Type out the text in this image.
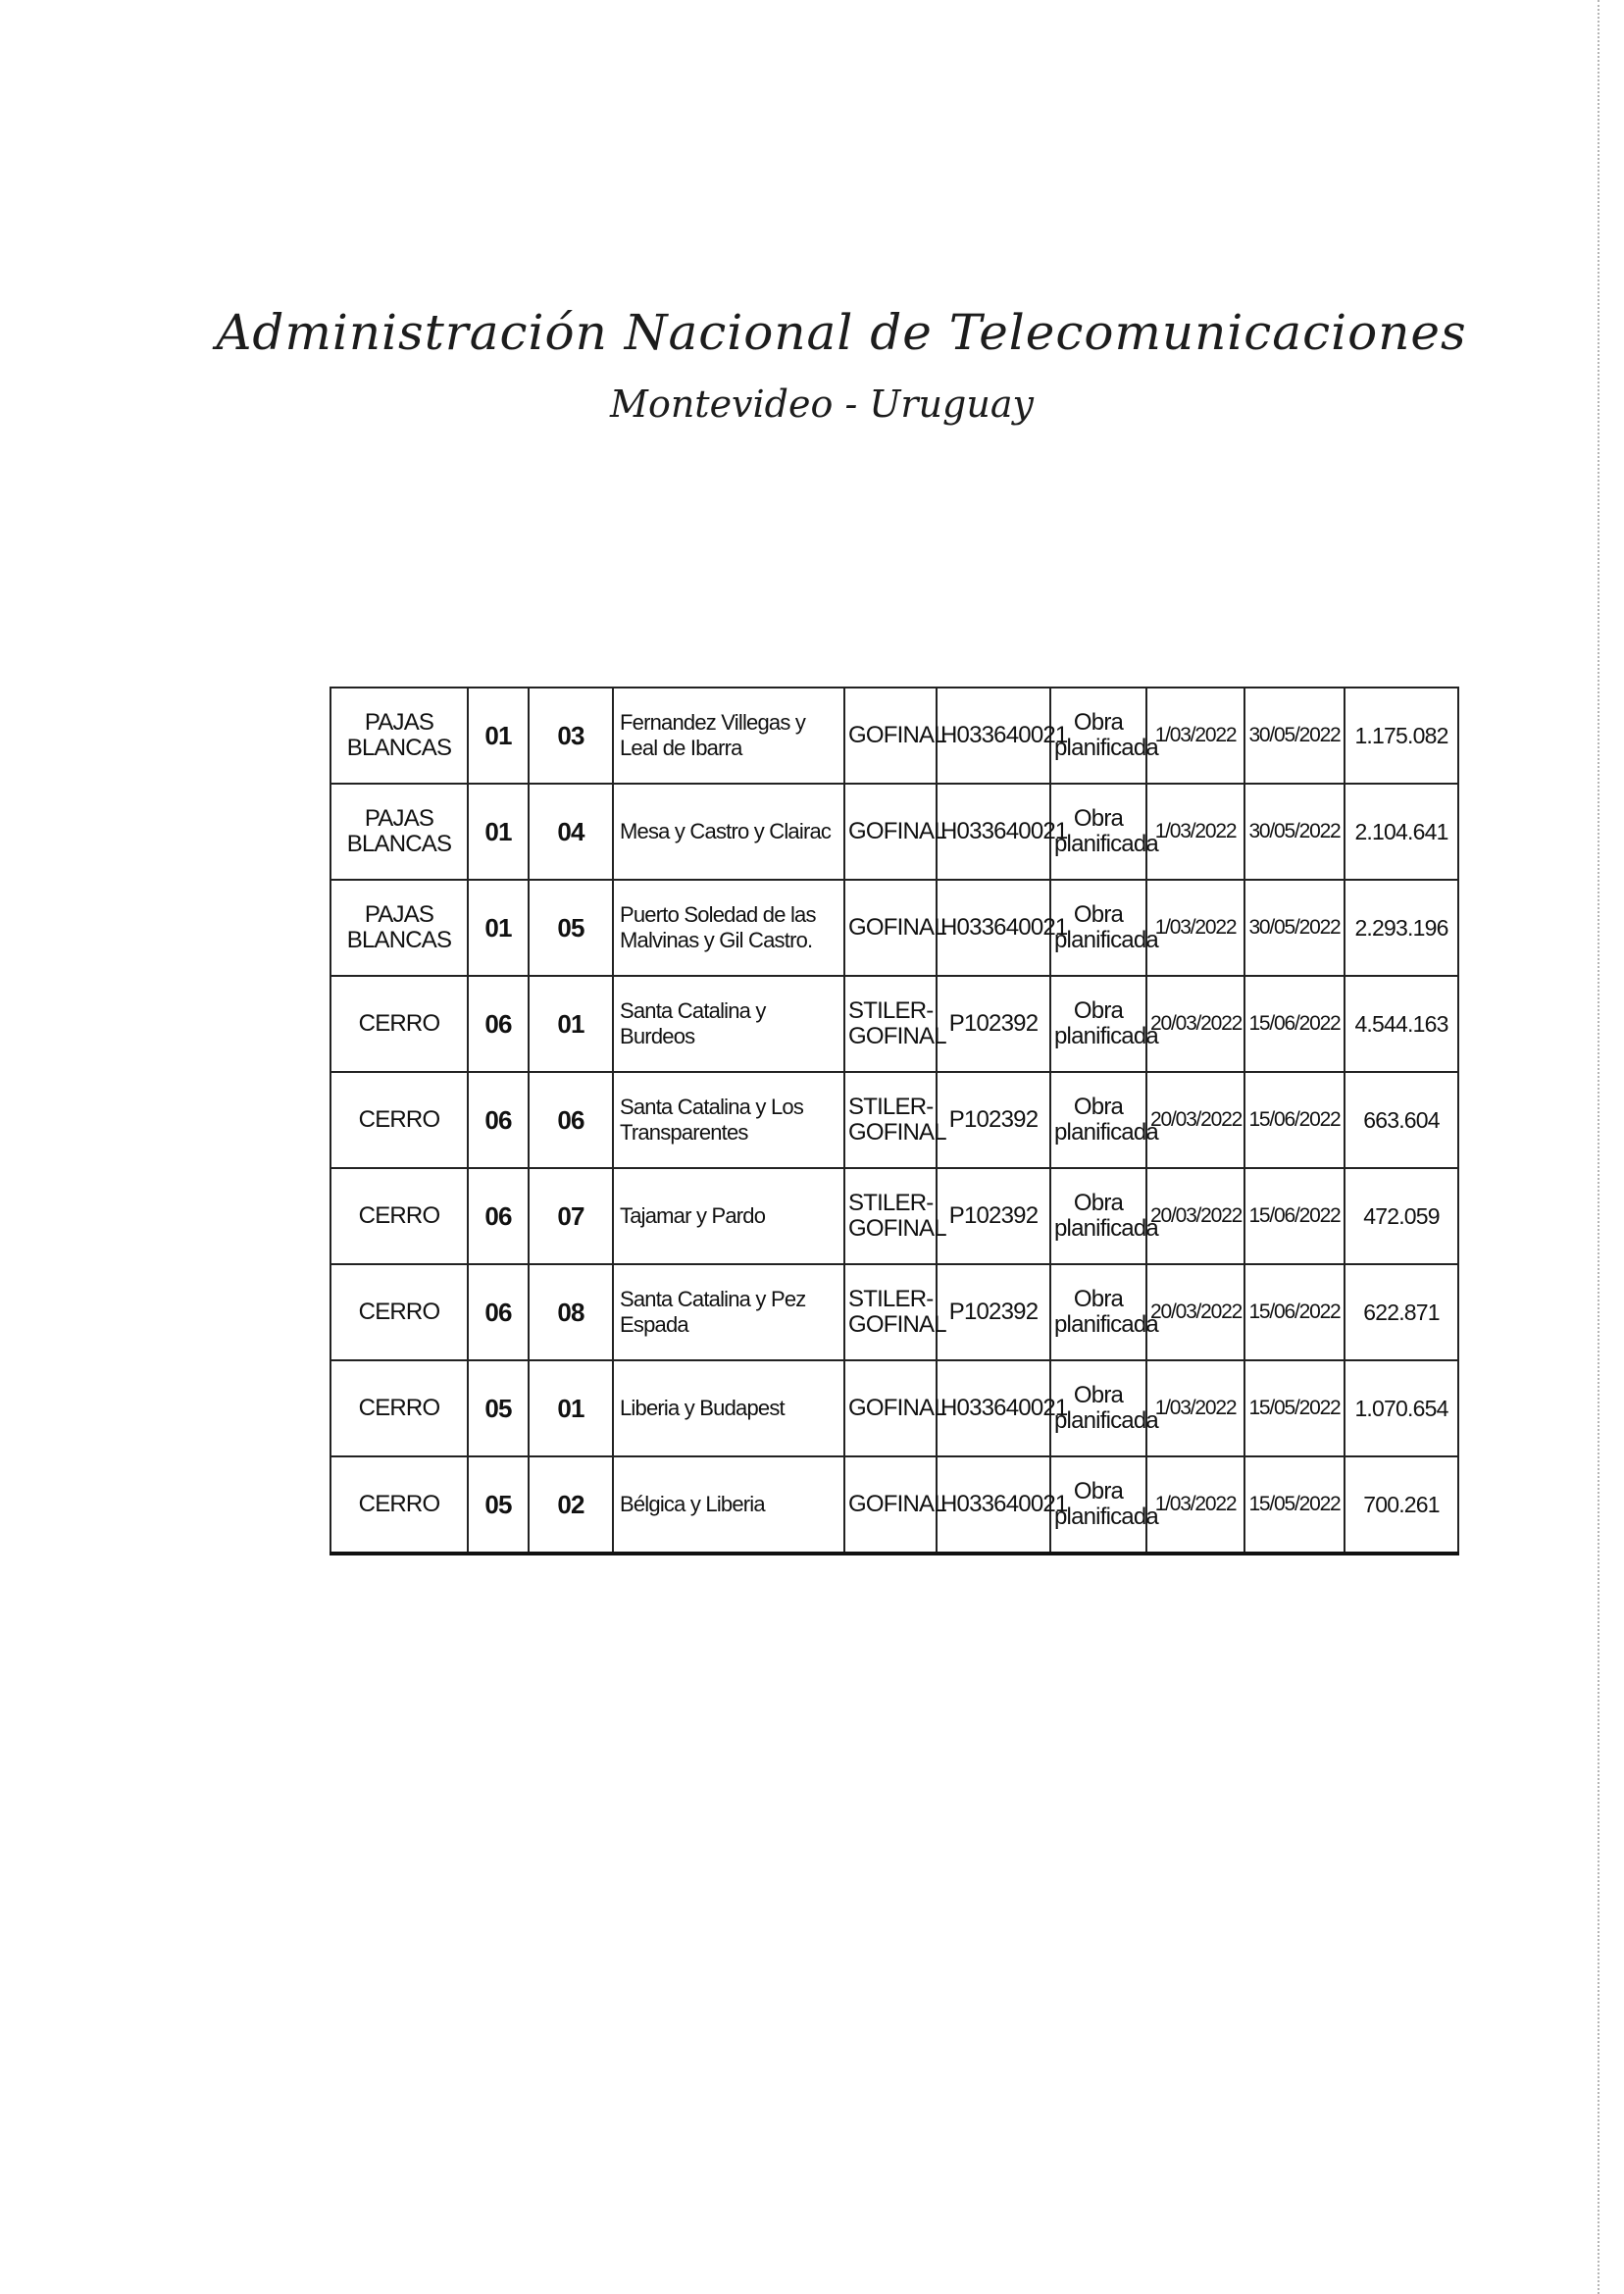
Administración Nacional de Telecomunicaciones
Montevideo - Uruguay
PAJAS BLANCAS	01	03	Fernandez Villegas y Leal de Ibarra	GOFINAL	H033640021	Obra planificada	1/03/2022	30/05/2022	1.175.082
PAJAS BLANCAS	01	04	Mesa y Castro y Clairac	GOFINAL	H033640021	Obra planificada	1/03/2022	30/05/2022	2.104.641
PAJAS BLANCAS	01	05	Puerto Soledad de las Malvinas y Gil Castro.	GOFINAL	H033640021	Obra planificada	1/03/2022	30/05/2022	2.293.196
CERRO	06	01	Santa Catalina y Burdeos	STILER-GOFINAL	P102392	Obra planificada	20/03/2022	15/06/2022	4.544.163
CERRO	06	06	Santa Catalina y Los Transparentes	STILER-GOFINAL	P102392	Obra planificada	20/03/2022	15/06/2022	663.604
CERRO	06	07	Tajamar y Pardo	STILER-GOFINAL	P102392	Obra planificada	20/03/2022	15/06/2022	472.059
CERRO	06	08	Santa Catalina y Pez Espada	STILER-GOFINAL	P102392	Obra planificada	20/03/2022	15/06/2022	622.871
CERRO	05	01	Liberia y Budapest	GOFINAL	H033640021	Obra planificada	1/03/2022	15/05/2022	1.070.654
CERRO	05	02	Bélgica y Liberia	GOFINAL	H033640021	Obra planificada	1/03/2022	15/05/2022	700.261
